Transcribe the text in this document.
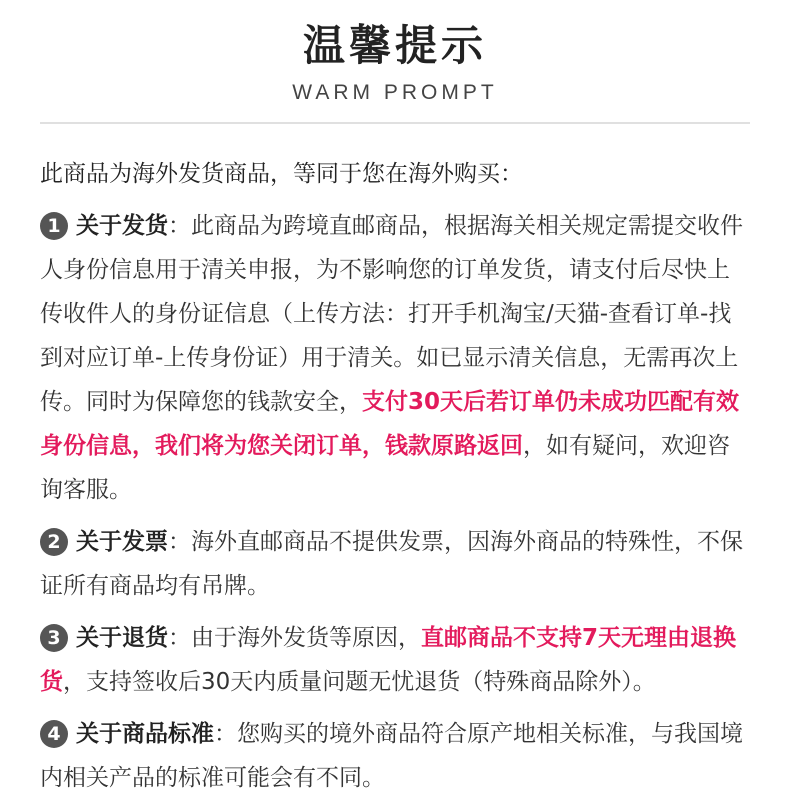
温馨提示
WARM PROMPT

此商品为海外发货商品，等同于您在海外购买：

1 关于发货：此商品为跨境直邮商品，根据海关相关规定需提交收件人身份信息用于清关申报，为不影响您的订单发货，请支付后尽快上传收件人的身份证信息（上传方法：打开手机淘宝/天猫-查看订单-找到对应订单-上传身份证）用于清关。如已显示清关信息，无需再次上传。同时为保障您的钱款安全，支付30天后若订单仍未成功匹配有效身份信息，我们将为您关闭订单，钱款原路返回，如有疑问，欢迎咨询客服。

2 关于发票：海外直邮商品不提供发票，因海外商品的特殊性，不保证所有商品均有吊牌。

3 关于退货：由于海外发货等原因，直邮商品不支持7天无理由退换货，支持签收后30天内质量问题无忧退货（特殊商品除外）。

4 关于商品标准：您购买的境外商品符合原产地相关标准，与我国境内相关产品的标准可能会有不同。
